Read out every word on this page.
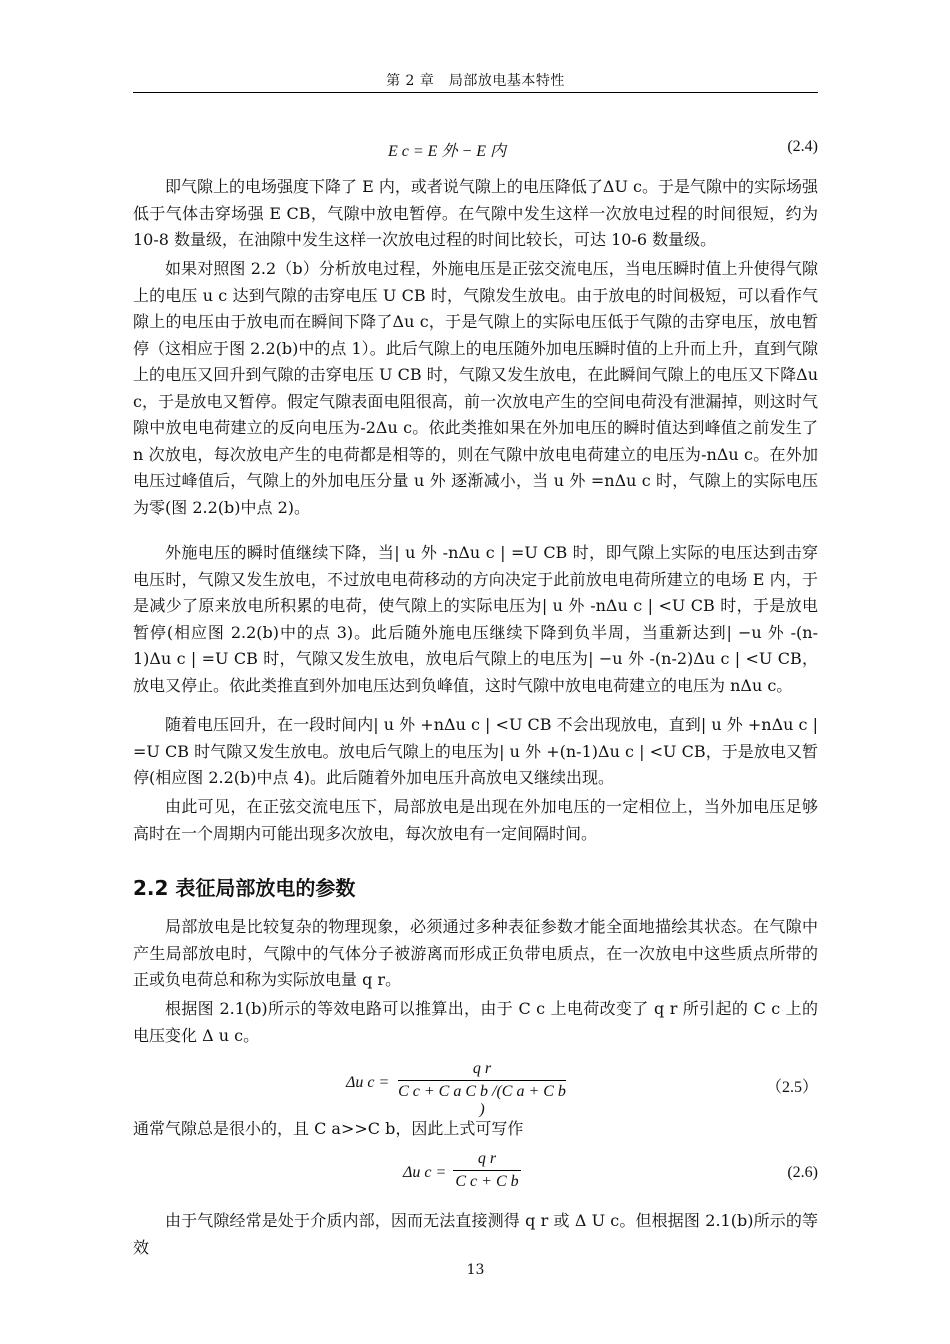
第 2 章　局部放电基本特性
E c = E 外 − E 内	(2.4)
即气隙上的电场强度下降了 E 内，或者说气隙上的电压降低了ΔU c。于是气隙中的实际场强低于气体击穿场强 E CB，气隙中放电暂停。在气隙中发生这样一次放电过程的时间很短，约为 10-8 数量级，在油隙中发生这样一次放电过程的时间比较长，可达 10-6 数量级。
如果对照图 2.2（b）分析放电过程，外施电压是正弦交流电压，当电压瞬时值上升使得气隙上的电压 u c 达到气隙的击穿电压 U CB 时，气隙发生放电。由于放电的时间极短，可以看作气隙上的电压由于放电而在瞬间下降了Δu c，于是气隙上的实际电压低于气隙的击穿电压，放电暂停（这相应于图 2.2(b)中的点 1）。此后气隙上的电压随外加电压瞬时值的上升而上升，直到气隙上的电压又回升到气隙的击穿电压 U CB 时，气隙又发生放电，在此瞬间气隙上的电压又下降Δu c，于是放电又暂停。假定气隙表面电阻很高，前一次放电产生的空间电荷没有泄漏掉，则这时气隙中放电电荷建立的反向电压为-2Δu c。依此类推如果在外加电压的瞬时值达到峰值之前发生了 n 次放电，每次放电产生的电荷都是相等的，则在气隙中放电电荷建立的电压为-nΔu c。在外加电压过峰值后，气隙上的外加电压分量 u 外 逐渐减小，当 u 外 =nΔu c 时，气隙上的实际电压为零(图 2.2(b)中点 2)。
外施电压的瞬时值继续下降，当| u 外 -nΔu c | =U CB 时，即气隙上实际的电压达到击穿电压时，气隙又发生放电，不过放电电荷移动的方向决定于此前放电电荷所建立的电场 E 内，于是减少了原来放电所积累的电荷，使气隙上的实际电压为| u 外 -nΔu c | <U CB 时，于是放电暂停(相应图 2.2(b)中的点 3)。此后随外施电压继续下降到负半周，当重新达到| −u 外 -(n-1)Δu c | =U CB 时，气隙又发生放电，放电后气隙上的电压为| −u 外 -(n-2)Δu c | <U CB，放电又停止。依此类推直到外加电压达到负峰值，这时气隙中放电电荷建立的电压为 nΔu c。
随着电压回升，在一段时间内| u 外 +nΔu c | <U CB 不会出现放电，直到| u 外 +nΔu c | =U CB 时气隙又发生放电。放电后气隙上的电压为| u 外 +(n-1)Δu c | <U CB，于是放电又暂停(相应图 2.2(b)中点 4)。此后随着外加电压升高放电又继续出现。
由此可见，在正弦交流电压下，局部放电是出现在外加电压的一定相位上，当外加电压足够高时在一个周期内可能出现多次放电，每次放电有一定间隔时间。
2.2 表征局部放电的参数
局部放电是比较复杂的物理现象，必须通过多种表征参数才能全面地描绘其状态。在气隙中产生局部放电时，气隙中的气体分子被游离而形成正负带电质点，在一次放电中这些质点所带的正或负电荷总和称为实际放电量 q r。
根据图 2.1(b)所示的等效电路可以推算出，由于 C c 上电荷改变了 q r 所引起的 C c 上的电压变化 Δ u c。
Δu c =
q r
C c + C a C b /(C a + C b )
（2.5）
通常气隙总是很小的，且 C a>>C b，因此上式可写作
Δu c =
q r
C c + C b
(2.6)
由于气隙经常是处于介质内部，因而无法直接测得 q r 或 Δ U c。但根据图 2.1(b)所示的等效
13
